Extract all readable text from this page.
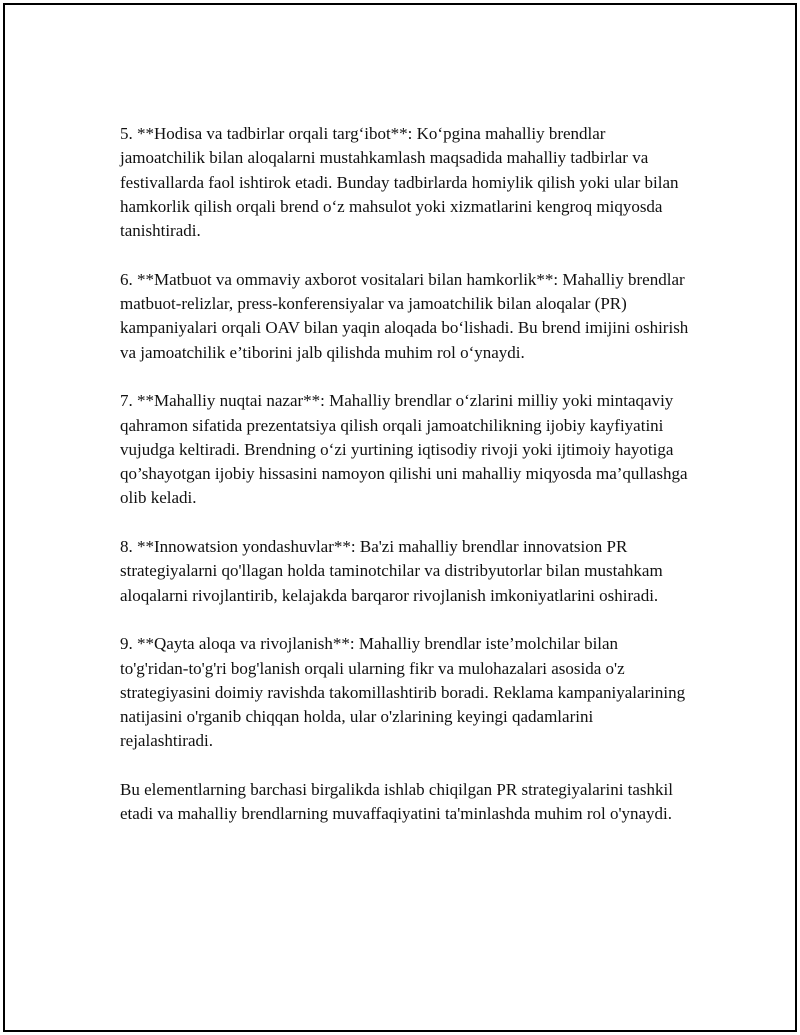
5. **Hodisa va tadbirlar orqali targ‘ibot**: Ko‘pgina mahalliy brendlar jamoatchilik bilan aloqalarni mustahkamlash maqsadida mahalliy tadbirlar va festivallarda faol ishtirok etadi. Bunday tadbirlarda homiylik qilish yoki ular bilan hamkorlik qilish orqali brend o‘z mahsulot yoki xizmatlarini kengroq miqyosda tanishtiradi.

6. **Matbuot va ommaviy axborot vositalari bilan hamkorlik**: Mahalliy brendlar matbuot-relizlar, press-konferensiyalar va jamoatchilik bilan aloqalar (PR) kampaniyalari orqali OAV bilan yaqin aloqada bo‘lishadi. Bu brend imijini oshirish va jamoatchilik e’tiborini jalb qilishda muhim rol o‘ynaydi.

7. **Mahalliy nuqtai nazar**: Mahalliy brendlar o‘zlarini milliy yoki mintaqaviy qahramon sifatida prezentatsiya qilish orqali jamoatchilikning ijobiy kayfiyatini vujudga keltiradi. Brendning o‘zi yurtining iqtisodiy rivoji yoki ijtimoiy hayotiga qo’shayotgan ijobiy hissasini namoyon qilishi uni mahalliy miqyosda ma’qullashga olib keladi.

8. **Innowatsion yondashuvlar**: Ba'zi mahalliy brendlar innovatsion PR strategiyalarni qo'llagan holda taminotchilar va distribyutorlar bilan mustahkam aloqalarni rivojlantirib, kelajakda barqaror rivojlanish imkoniyatlarini oshiradi.

9. **Qayta aloqa va rivojlanish**: Mahalliy brendlar iste’molchilar bilan to'g'ridan-to'g'ri bog'lanish orqali ularning fikr va mulohazalari asosida o'z strategiyasini doimiy ravishda takomillashtirib boradi. Reklama kampaniyalarining natijasini o'rganib chiqqan holda, ular o'zlarining keyingi qadamlarini rejalashtiradi.

Bu elementlarning barchasi birgalikda ishlab chiqilgan PR strategiyalarini tashkil etadi va mahalliy brendlarning muvaffaqiyatini ta'minlashda muhim rol o'ynaydi.
